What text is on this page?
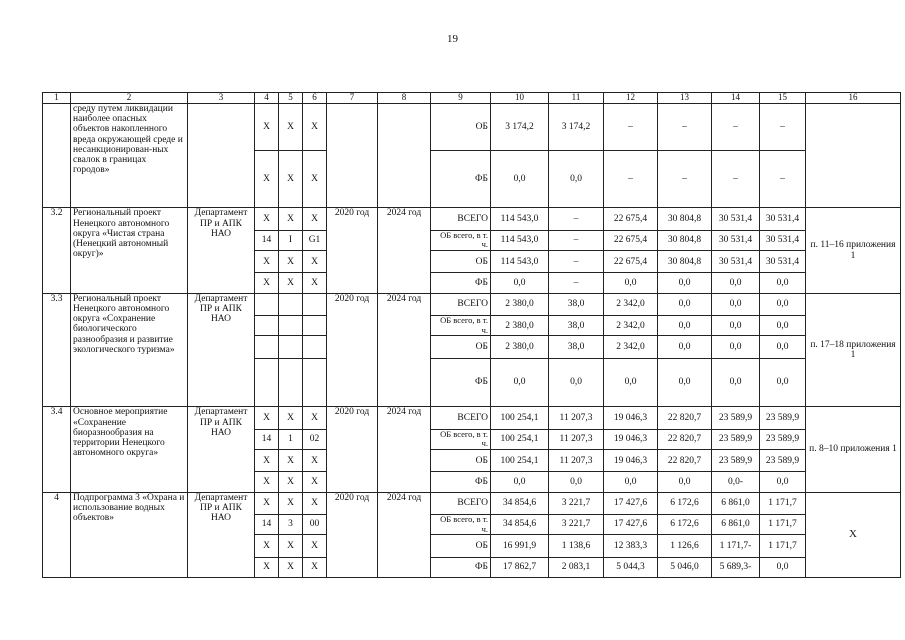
19
1	2	3	4	5	6	7	8	9	10	11	12	13	14	15	16
	среду путем ликвидации наиболее опасных объектов накопленного вреда окружающей среде и несанкционирован-ных свалок в границах городов»		Х	Х	Х			ОБ	3 174,2	3 174,2	–	–	–	–	
			Х	Х	Х			ФБ	0,0	0,0	–	–	–	–	
3.2	Региональный проект Ненецкого автономного округа «Чистая страна (Ненецкий автономный округ)»	Департамент ПР и АПК НАО	Х	Х	Х	2020 год	2024 год	ВСЕГО	114 543,0	–	22 675,4	30 804,8	30 531,4	30 531,4	п. 11–16 приложения 1
			14	I	G1			ОБ всего, в т. ч.	114 543,0	–	22 675,4	30 804,8	30 531,4	30 531,4	
			Х	Х	Х			ОБ	114 543,0	–	22 675,4	30 804,8	30 531,4	30 531,4	
			Х	Х	Х			ФБ	0,0	–	0,0	0,0	0,0	0,0	
3.3	Региональный проект Ненецкого автономного округа «Сохранение биологического разнообразия и развитие экологического туризма»	Департамент ПР и АПК НАО				2020 год	2024 год	ВСЕГО	2 380,0	38,0	2 342,0	0,0	0,0	0,0	п. 17–18 приложения 1
								ОБ всего, в т. ч.	2 380,0	38,0	2 342,0	0,0	0,0	0,0	
								ОБ	2 380,0	38,0	2 342,0	0,0	0,0	0,0	
								ФБ	0,0	0,0	0,0	0,0	0,0	0,0	
3.4	Основное мероприятие «Сохранение биоразнообразия на территории Ненецкого автономного округа»	Департамент ПР и АПК НАО	Х	Х	Х	2020 год	2024 год	ВСЕГО	100 254,1	11 207,3	19 046,3	22 820,7	23 589,9	23 589,9	п. 8–10 приложения 1
			14	1	02			ОБ всего, в т. ч.	100 254,1	11 207,3	19 046,3	22 820,7	23 589,9	23 589,9	
			Х	Х	Х			ОБ	100 254,1	11 207,3	19 046,3	22 820,7	23 589,9	23 589,9	
			Х	Х	Х			ФБ	0,0	0,0	0,0	0,0	0,0-	0,0	
4	Подпрограмма 3 «Охрана и использование водных объектов»	Департамент ПР и АПК НАО	Х	Х	Х	2020 год	2024 год	ВСЕГО	34 854,6	3 221,7	17 427,6	6 172,6	6 861,0	1 171,7	Х
			14	3	00			ОБ всего, в т. ч.	34 854,6	3 221,7	17 427,6	6 172,6	6 861,0	1 171,7	
			Х	Х	Х			ОБ	16 991,9	1 138,6	12 383,3	1 126,6	1 171,7-	1 171,7	
			Х	Х	Х			ФБ	17 862,7	2 083,1	5 044,3	5 046,0	5 689,3-	0,0	
